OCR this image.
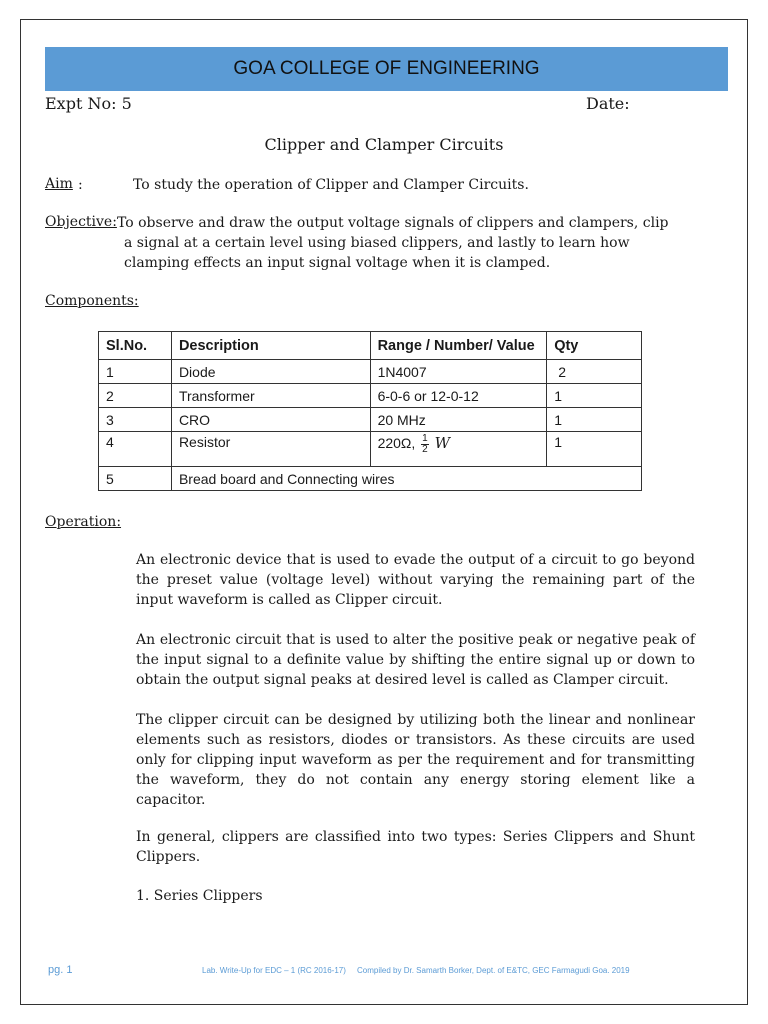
GOA COLLEGE OF ENGINEERING
Expt No: 5	Date:
Clipper and Clamper Circuits
Aim :	To study the operation of Clipper and Clamper Circuits.
Objective: To observe and draw the output voltage signals of clippers and clampers, clip
a signal at a certain level using biased clippers, and lastly to learn how
clamping effects an input signal voltage when it is clamped.
Components:
Sl.No.	Description	Range / Number/ Value	Qty
1	Diode	1N4007	2
2	Transformer	6-0-6 or 12-0-12	1
3	CRO	20 MHz	1
4	Resistor	220Ω, $\frac{1}{2}$ W	1
5	Bread board and Connecting wires		
Operation:
An electronic device that is used to evade the output of a circuit to go beyond the preset value (voltage level) without varying the remaining part of the input waveform is called as Clipper circuit.
An electronic circuit that is used to alter the positive peak or negative peak of the input signal to a definite value by shifting the entire signal up or down to obtain the output signal peaks at desired level is called as Clamper circuit.
The clipper circuit can be designed by utilizing both the linear and nonlinear elements such as resistors, diodes or transistors. As these circuits are used only for clipping input waveform as per the requirement and for transmitting the waveform, they do not contain any energy storing element like a capacitor.
In general, clippers are classified into two types: Series Clippers and Shunt Clippers.
1. Series Clippers
pg. 1	Lab. Write-Up for EDC – 1 (RC 2016-17)     Compiled by Dr. Samarth Borker, Dept. of E&TC, GEC Farmagudi Goa. 2019
